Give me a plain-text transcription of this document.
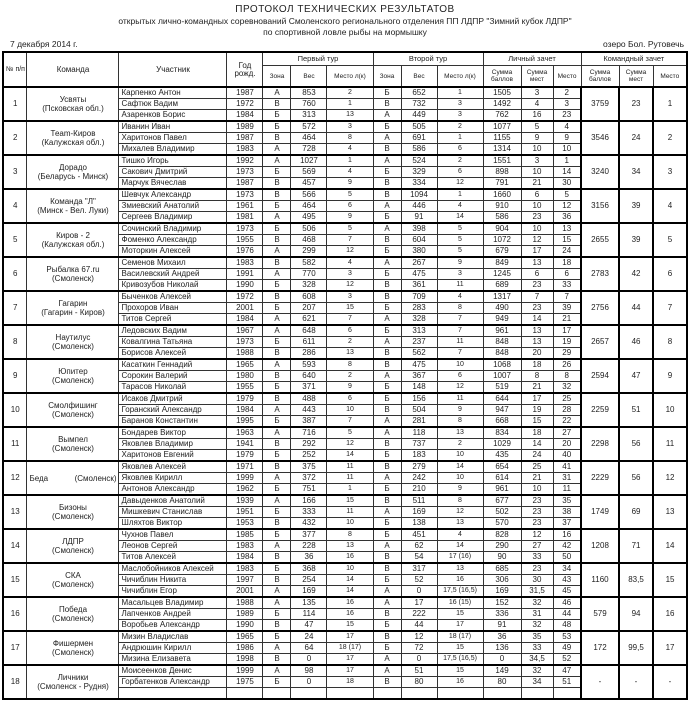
ПРОТОКОЛ ТЕХНИЧЕСКИХ РЕЗУЛЬТАТОВ
открытых лично-командных соревнований Смоленского регионального отделения ПП ЛДПР "Зимний кубок ЛДПР"
по спортивной ловле рыбы на мормышку
7 декабря 2014 г.	озеро Бол. Рутовечь
№ п/п	Команда	Участник	Год рожд.	Первый тур			Второй тур			Личный зачет			Командный зачет		
				Зона	Вес	Место л(к)	Зона	Вес	Место л(к)	Сумма баллов	Сумма мест	Место	Сумма баллов	Сумма мест	Место
1	Усвяты
(Псковская обл.)	Карпенко Антон	1987	А	853	2	Б	652	1	1505	3	2	3759	23	1
		Сафтюк Вадим	1972	В	760	1	В	732	3	1492	4	3			
		Азаренков Борис	1984	Б	313	13	А	449	3	762	16	23			
2	Теam-Киров
(Калужская обл.)	Иванин Иван	1989	Б	572	3	Б	505	2	1077	5	4	3546	24	2
		Харитонов Павел	1987	В	464	8	А	691	1	1155	9	9			
		Михалев Владимир	1983	А	728	4	В	586	6	1314	10	10			
3	Дорадо
(Беларусь - Минск)	Тишко Игорь	1992	А	1027	1	А	524	2	1551	3	1	3240	34	3
		Сакович Дмитрий	1973	Б	569	4	Б	329	6	898	10	14			
		Марчук Вячеслав	1987	В	457	9	В	334	12	791	21	30			
4	Команда "Л"
(Минск - Вел. Луки)	Шевчук Александр	1973	В	566	5	В	1094	1	1660	6	5	3156	39	4
		Змиевский Анатолий	1961	Б	464	6	А	446	4	910	10	12			
		Сергеев Владимир	1981	А	495	9	Б	91	14	586	23	36			
5	Киров - 2
(Калужская обл.)	Сочинский Владимир	1973	Б	506	5	А	398	5	904	10	13	2655	39	5
		Фоменко Александр	1955	В	468	7	В	604	5	1072	12	15			
		Моторкин Алексей	1976	А	299	12	Б	380	5	679	17	24			
6	Рыбалка 67.ru
(Смоленск)	Семенов Михаил	1983	В	582	4	А	267	9	849	13	18	2783	42	6
		Василевский Андрей	1991	А	770	3	Б	475	3	1245	6	6			
		Кривозубов Николай	1990	Б	328	12	В	361	11	689	23	33			
7	Гагарин
(Гагарин - Киров)	Быченков Алексей	1972	В	608	3	В	709	4	1317	7	7	2756	44	7
		Прохоров Иван	2001	Б	207	15	Б	283	8	490	23	39			
		Титов Сергей	1984	А	621	7	А	328	7	949	14	21			
8	Наутилус
(Смоленск)	Ледовских Вадим	1967	А	648	6	Б	313	7	961	13	17	2657	46	8
		Ковалгина Татьяна	1973	Б	611	2	А	237	11	848	13	19			
		Борисов Алексей	1988	В	286	13	В	562	7	848	20	29			
9	Юпитер
(Смоленск)	Касаткин Геннадий	1965	А	593	8	В	475	10	1068	18	26	2594	47	9
		Сорокин Валерий	1980	В	640	2	А	367	6	1007	8	8			
		Тарасов Николай	1955	Б	371	9	Б	148	12	519	21	32			
10	Смолфишинг
(Смоленск)	Исаков Дмитрий	1979	В	488	6	Б	156	11	644	17	25	2259	51	10
		Горанский Александр	1984	А	443	10	В	504	9	947	19	28			
		Баранов Константин	1995	Б	387	7	А	281	8	668	15	22			
11	Вымпел
(Смоленск)	Бондарев Виктор	1963	А	716	5	А	118	13	834	18	27	2298	56	11
		Яковлев Владимир	1941	В	292	12	В	737	2	1029	14	20			
		Харитонов Евгений	1979	Б	252	14	Б	183	10	435	24	40			
12	Беда (Смоленск)	Яковлев Алексей	1971	В	375	11	В	279	14	654	25	41	2229	56	12
		Яковлев Кирилл	1999	А	372	11	А	242	10	614	21	31			
		Антонов Александр	1962	Б	751	1	Б	210	9	961	10	11			
13	Бизоны
(Смоленск)	Давыденков Анатолий	1939	А	166	15	В	511	8	677	23	35	1749	69	13
		Мишкевич Станислав	1951	Б	333	11	А	169	12	502	23	38			
		Шляхтов Виктор	1953	В	432	10	Б	138	13	570	23	37			
14	ЛДПР
(Смоленск)	Чухнов Павел	1985	Б	377	8	Б	451	4	828	12	16	1208	71	14
		Леонов Сергей	1983	А	228	13	А	62	14	290	27	42			
		Титов Алексей	1984	В	36	16	В	54	17 (16)	90	33	50			
15	СКА
(Смоленск)	Маслобойников Алексей	1983	Б	368	10	В	317	13	685	23	34	1160	83,5	15
		Чичиблин Никита	1997	В	254	14	Б	52	16	306	30	43			
		Чичиблин Егор	2001	А	169	14	А	0	17,5 (16,5)	169	31,5	45			
16	Победа
(Смоленск)	Масальцев Владимир	1988	А	135	16	А	17	16 (15)	152	32	46	579	94	16
		Лапченков Андрей	1989	Б	114	16	В	222	15	336	31	44			
		Воробьев Александр	1990	В	47	15	Б	44	17	91	32	48			
17	Фишермен
(Смоленск)	Мизин Владислав	1965	Б	24	17	В	12	18 (17)	36	35	53	172	99,5	17
		Андрюшин Кирилл	1986	А	64	18 (17)	Б	72	15	136	33	49			
		Мизина Елизавета	1998	В	0	17	А	0	17,5 (16,5)	0	34,5	52			
18	Личники
(Смоленск - Рудня)	Моисеенков Денис	1999	А	98	17	А	51	15	149	32	47	-	-	-
		Горбатенков Александр	1975	Б	0	18	В	80	16	80	34	51			
